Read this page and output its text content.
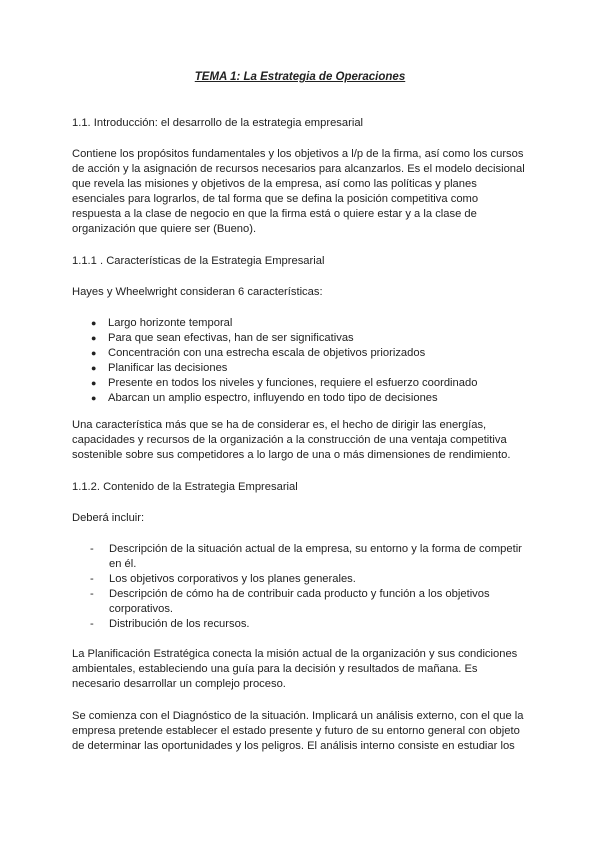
TEMA 1: La Estrategia de Operaciones

1.1. Introducción: el desarrollo de la estrategia empresarial

Contiene los propósitos fundamentales y los objetivos a l/p de la firma, así como los cursos de acción y la asignación de recursos necesarios para alcanzarlos. Es el modelo decisional que revela las misiones y objetivos de la empresa, así como las políticas y planes esenciales para lograrlos, de tal forma que se defina la posición competitiva como respuesta a la clase de negocio en que la firma está o quiere estar y a la clase de organización que quiere ser (Bueno).

1.1.1 . Características de la Estrategia Empresarial

Hayes y Wheelwright consideran 6 características:

● Largo horizonte temporal
● Para que sean efectivas, han de ser significativas
● Concentración con una estrecha escala de objetivos priorizados
● Planificar las decisiones
● Presente en todos los niveles y funciones, requiere el esfuerzo coordinado
● Abarcan un amplio espectro, influyendo en todo tipo de decisiones

Una característica más que se ha de considerar es, el hecho de dirigir las energías, capacidades y recursos de la organización a la construcción de una ventaja competitiva sostenible sobre sus competidores a lo largo de una o más dimensiones de rendimiento.

1.1.2. Contenido de la Estrategia Empresarial

Deberá incluir:

- Descripción de la situación actual de la empresa, su entorno y la forma de competir en él.
- Los objetivos corporativos y los planes generales.
- Descripción de cómo ha de contribuir cada producto y función a los objetivos corporativos.
- Distribución de los recursos.

La Planificación Estratégica conecta la misión actual de la organización y sus condiciones ambientales, estableciendo una guía para la decisión y resultados de mañana. Es necesario desarrollar un complejo proceso.

Se comienza con el Diagnóstico de la situación. Implicará un análisis externo, con el que la empresa pretende establecer el estado presente y futuro de su entorno general con objeto de determinar las oportunidades y los peligros. El análisis interno consiste en estudiar los
